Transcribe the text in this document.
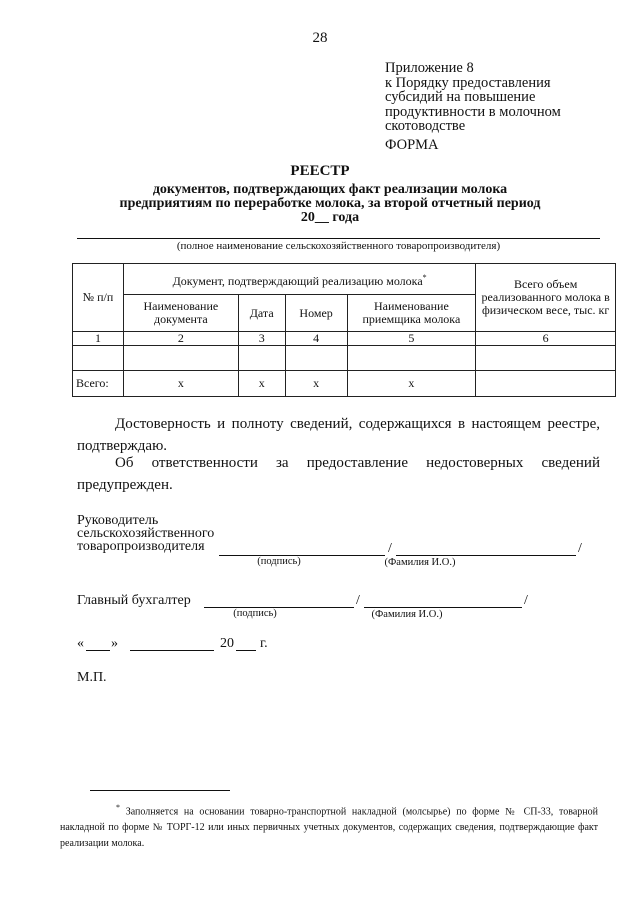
28
Приложение 8
к Порядку предоставления
субсидий на повышение
продуктивности в молочном
скотоводстве
ФОРМА
РЕЕСТР
документов, подтверждающих факт реализации молока
предприятиям по переработке молока, за второй отчетный период
20__ года
(полное наименование сельскохозяйственного товаропроизводителя)
№ п/п	Документ, подтверждающий реализацию молока*				Всего объем реализованного молока в физическом весе, тыс. кг
	Наименование документа	Дата	Номер	Наименование приемщика молока	
1	2	3	4	5	6

Всего:	х	х	х	х	
Достоверность и полноту сведений, содержащихся в настоящем реестре, подтверждаю.
Об ответственности за предоставление недостоверных сведений предупрежден.
Руководитель
сельскохозяйственного
товаропроизводителя	/	/
(подпись)	(Фамилия И.О.)
Главный бухгалтер	/	/
(подпись)	(Фамилия И.О.)
« »	20 г.
М.П.
* Заполняется на основании товарно-транспортной накладной (молсырье) по форме № СП-33, товарной накладной по форме № ТОРГ-12 или иных первичных учетных документов, содержащих сведения, подтверждающие факт реализации молока.
